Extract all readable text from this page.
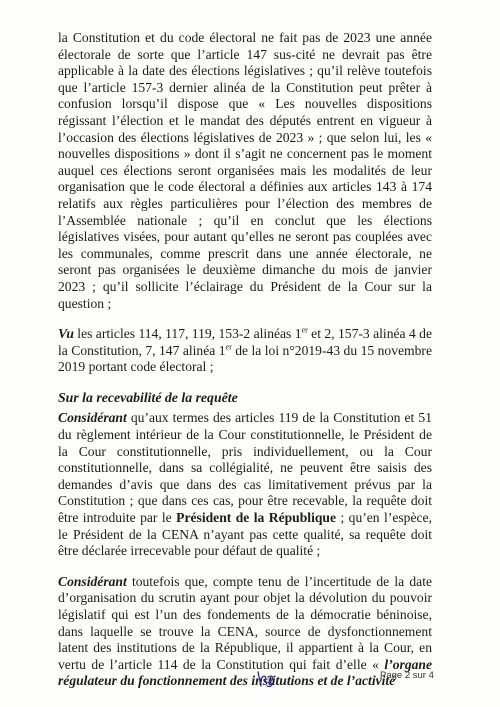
la Constitution et du code électoral ne fait pas de 2023 une année électorale de sorte que l’article 147 sus-cité ne devrait pas être applicable à la date des élections législatives ; qu’il relève toutefois que l’article 157-3 dernier alinéa de la Constitution peut prêter à confusion lorsqu’il dispose que « Les nouvelles dispositions régissant l’élection et le mandat des députés entrent en vigueur à l’occasion des élections législatives de 2023 » ; que selon lui, les « nouvelles dispositions » dont il s’agit ne concernent pas le moment auquel ces élections seront organisées mais les modalités de leur organisation que le code électoral a définies aux articles 143 à 174 relatifs aux règles particulières pour l’élection des membres de l’Assemblée nationale ; qu’il en conclut que les élections législatives visées, pour autant qu’elles ne seront pas couplées avec les communales, comme prescrit dans une année électorale, ne seront pas organisées le deuxième dimanche du mois de janvier 2023 ; qu’il sollicite l’éclairage du Président de la Cour sur la question ;

Vu les articles 114, 117, 119, 153-2 alinéas 1er et 2, 157-3 alinéa 4 de la Constitution, 7, 147 alinéa 1er de la loi n°2019-43 du 15 novembre 2019 portant code électoral ;

Sur la recevabilité de la requête

Considérant qu’aux termes des articles 119 de la Constitution et 51 du règlement intérieur de la Cour constitutionnelle, le Président de la Cour constitutionnelle, pris individuellement, ou la Cour constitutionnelle, dans sa collégialité, ne peuvent être saisis des demandes d’avis que dans des cas limitativement prévus par la Constitution ; que dans ces cas, pour être recevable, la requête doit être introduite par le Président de la République ; qu’en l’espèce, le Président de la CENA n’ayant pas cette qualité, sa requête doit être déclarée irrecevable pour défaut de qualité ;

Considérant toutefois que, compte tenu de l’incertitude de la date d’organisation du scrutin ayant pour objet la dévolution du pouvoir législatif qui est l’un des fondements de la démocratie béninoise, dans laquelle se trouve la CENA, source de dysfonctionnement latent des institutions de la République, il appartient à la Cour, en vertu de l’article 114 de la Constitution qui fait d’elle « l’organe régulateur du fonctionnement des institutions et de l’activité

Page 2 sur 4
